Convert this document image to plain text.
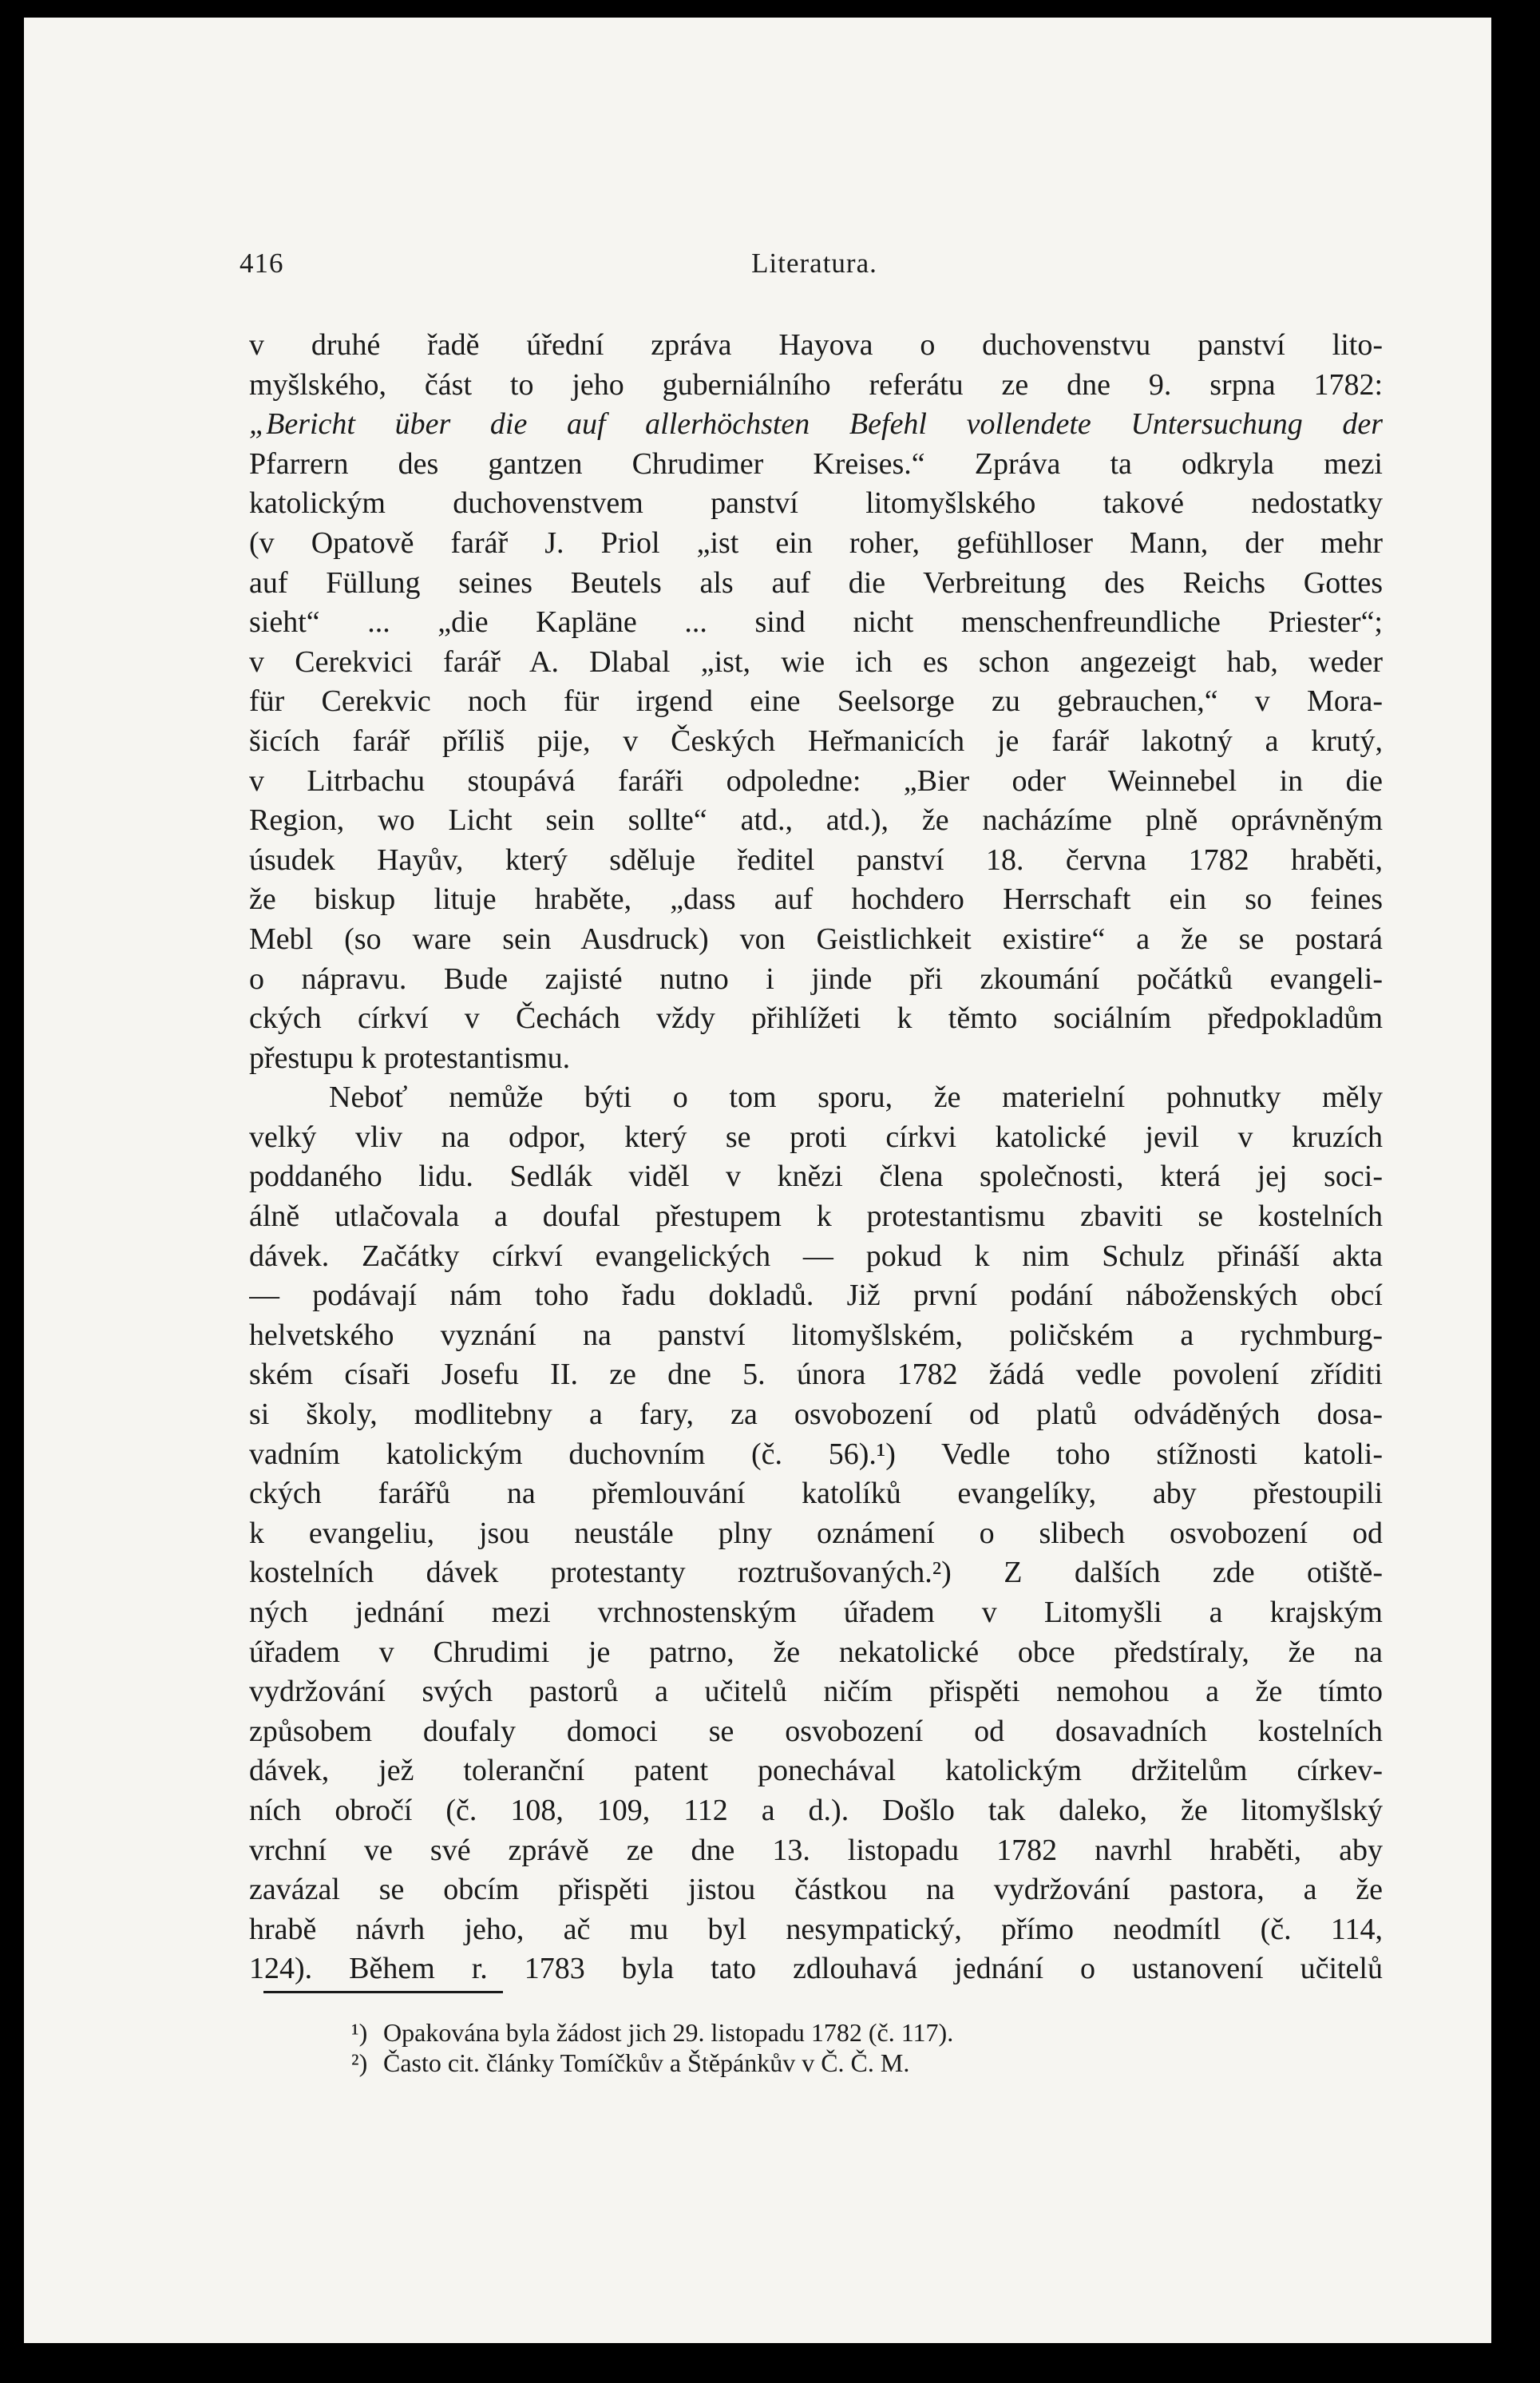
416	Literatura.
v druhé řadě úřední zpráva Hayova o duchovenstvu panství lito-
myšlského, část to jeho guberniálního referátu ze dne 9. srpna 1782:
„Bericht über die auf allerhöchsten Befehl vollendete Untersuchung der
Pfarrern des gantzen Chrudimer Kreises.“ Zpráva ta odkryla mezi
katolickým duchovenstvem panství litomyšlského takové nedostatky
(v Opatově farář J. Priol „ist ein roher, gefühlloser Mann, der mehr
auf Füllung seines Beutels als auf die Verbreitung des Reichs Gottes
sieht“ ... „die Kapläne ... sind nicht menschenfreundliche Priester“;
v Cerekvici farář A. Dlabal „ist, wie ich es schon angezeigt hab, weder
für Cerekvic noch für irgend eine Seelsorge zu gebrauchen,“ v Mora-
šicích farář příliš pije, v Českých Heřmanicích je farář lakotný a krutý,
v Litrbachu stoupává faráři odpoledne: „Bier oder Weinnebel in die
Region, wo Licht sein sollte“ atd., atd.), že nacházíme plně oprávněným
úsudek Hayův, který sděluje ředitel panství 18. června 1782 hraběti,
že biskup lituje hraběte, „dass auf hochdero Herrschaft ein so feines
Mebl (so ware sein Ausdruck) von Geistlichkeit existire“ a že se postará
o nápravu. Bude zajisté nutno i jinde při zkoumání počátků evangeli-
ckých církví v Čechách vždy přihlížeti k těmto sociálním předpokladům
přestupu k protestantismu.
Neboť nemůže býti o tom sporu, že materielní pohnutky měly
velký vliv na odpor, který se proti církvi katolické jevil v kruzích
poddaného lidu. Sedlák viděl v knězi člena společnosti, která jej soci-
álně utlačovala a doufal přestupem k protestantismu zbaviti se kostelních
dávek. Začátky církví evangelických — pokud k nim Schulz přináší akta
— podávají nám toho řadu dokladů. Již první podání náboženských obcí
helvetského vyznání na panství litomyšlském, poličském a rychmburg-
ském císaři Josefu II. ze dne 5. února 1782 žádá vedle povolení zříditi
si školy, modlitebny a fary, za osvobození od platů odváděných dosa-
vadním katolickým duchovním (č. 56).¹) Vedle toho stížnosti katoli-
ckých farářů na přemlouvání katolíků evangelíky, aby přestoupili
k evangeliu, jsou neustále plny oznámení o slibech osvobození od
kostelních dávek protestanty roztrušovaných.²) Z dalších zde otiště-
ných jednání mezi vrchnostenským úřadem v Litomyšli a krajským
úřadem v Chrudimi je patrno, že nekatolické obce předstíraly, že na
vydržování svých pastorů a učitelů ničím přispěti nemohou a že tímto
způsobem doufaly domoci se osvobození od dosavadních kostelních
dávek, jež toleranční patent ponechával katolickým držitelům církev-
ních obročí (č. 108, 109, 112 a d.). Došlo tak daleko, že litomyšlský
vrchní ve své zprávě ze dne 13. listopadu 1782 navrhl hraběti, aby
zavázal se obcím přispěti jistou částkou na vydržování pastora, a že
hrabě návrh jeho, ač mu byl nesympatický, přímo neodmítl (č. 114,
124). Během r. 1783 byla tato zdlouhavá jednání o ustanovení učitelů
¹) Opakována byla žádost jich 29. listopadu 1782 (č. 117).
²) Často cit. články Tomíčkův a Štěpánkův v Č. Č. M.
